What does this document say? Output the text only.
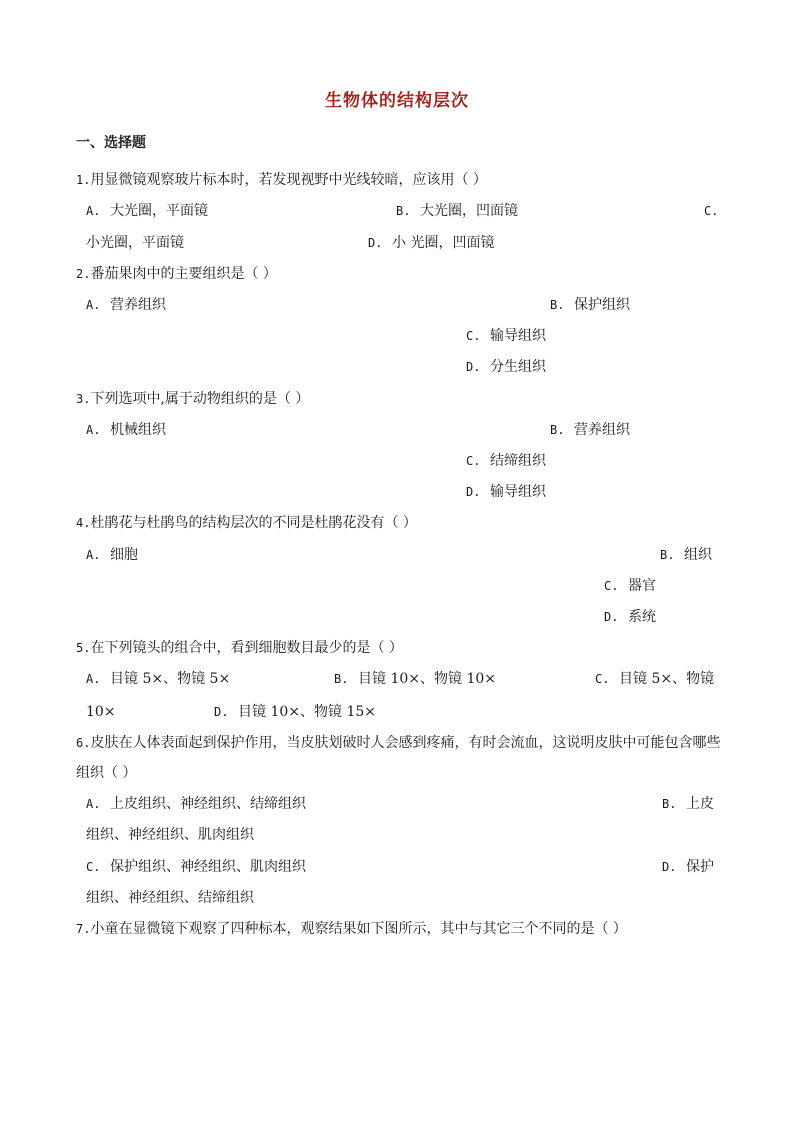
生物体的结构层次
一、选择题
1.用显微镜观察玻片标本时，若发现视野中光线较暗，应该用（ ）
A. 大光圈，平面镜	B. 大光圈，凹面镜	C.
小光圈，平面镜	D. 小 光圈，凹面镜
2.番茄果肉中的主要组织是（ ）
A. 营养组织	B. 保护组织
C. 输导组织
D. 分生组织
3.下列选项中,属于动物组织的是（ ）
A. 机械组织	B. 营养组织
C. 结缔组织
D. 输导组织
4.杜鹃花与杜鹃鸟的结构层次的不同是杜鹃花没有（ ）
A. 细胞	B. 组织
C. 器官
D. 系统
5.在下列镜头的组合中，看到细胞数目最少的是（ ）
A. 目镜 5×、物镜 5×	B. 目镜 10×、物镜 10×	C. 目镜 5×、物镜
10×	D. 目镜 10×、物镜 15×
6.皮肤在人体表面起到保护作用，当皮肤划破时人会感到疼痛，有时会流血，这说明皮肤中可能包含哪些
组织（ ）
A. 上皮组织、神经组织、结缔组织	B. 上皮
组织、神经组织、肌肉组织
C. 保护组织、神经组织、肌肉组织	D. 保护
组织、神经组织、结缔组织
7.小童在显微镜下观察了四种标本，观察结果如下图所示，其中与其它三个不同的是（ ）
